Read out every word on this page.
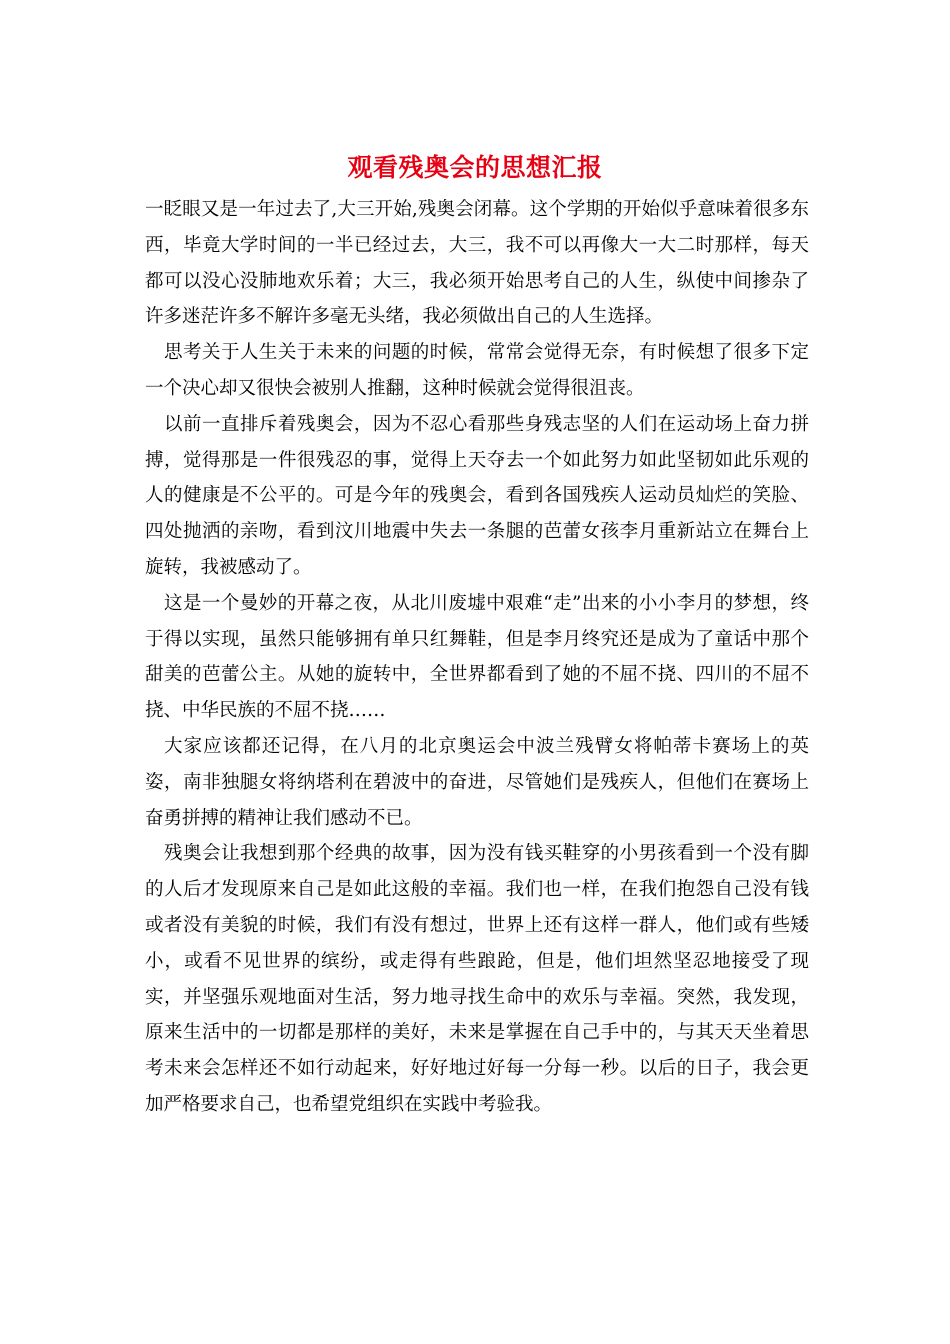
观看残奥会的思想汇报

一眨眼又是一年过去了,大三开始,残奥会闭幕。这个学期的开始似乎意味着很多东西，毕竟大学时间的一半已经过去，大三，我不可以再像大一大二时那样，每天都可以没心没肺地欢乐着；大三，我必须开始思考自己的人生，纵使中间掺杂了许多迷茫许多不解许多毫无头绪，我必须做出自己的人生选择。

思考关于人生关于未来的问题的时候，常常会觉得无奈，有时候想了很多下定一个决心却又很快会被别人推翻，这种时候就会觉得很沮丧。

以前一直排斥着残奥会，因为不忍心看那些身残志坚的人们在运动场上奋力拼搏，觉得那是一件很残忍的事，觉得上天夺去一个如此努力如此坚韧如此乐观的人的健康是不公平的。可是今年的残奥会，看到各国残疾人运动员灿烂的笑脸、四处抛洒的亲吻，看到汶川地震中失去一条腿的芭蕾女孩李月重新站立在舞台上旋转，我被感动了。

这是一个曼妙的开幕之夜，从北川废墟中艰难“走”出来的小小李月的梦想，终于得以实现，虽然只能够拥有单只红舞鞋，但是李月终究还是成为了童话中那个甜美的芭蕾公主。从她的旋转中，全世界都看到了她的不屈不挠、四川的不屈不挠、中华民族的不屈不挠……

大家应该都还记得，在八月的北京奥运会中波兰残臂女将帕蒂卡赛场上的英姿，南非独腿女将纳塔利在碧波中的奋进，尽管她们是残疾人，但他们在赛场上奋勇拼搏的精神让我们感动不已。

残奥会让我想到那个经典的故事，因为没有钱买鞋穿的小男孩看到一个没有脚的人后才发现原来自己是如此这般的幸福。我们也一样，在我们抱怨自己没有钱或者没有美貌的时候，我们有没有想过，世界上还有这样一群人，他们或有些矮小，或看不见世界的缤纷，或走得有些踉跄，但是，他们坦然坚忍地接受了现实，并坚强乐观地面对生活，努力地寻找生命中的欢乐与幸福。突然，我发现，原来生活中的一切都是那样的美好，未来是掌握在自己手中的，与其天天坐着思考未来会怎样还不如行动起来，好好地过好每一分每一秒。以后的日子，我会更加严格要求自己，也希望党组织在实践中考验我。
